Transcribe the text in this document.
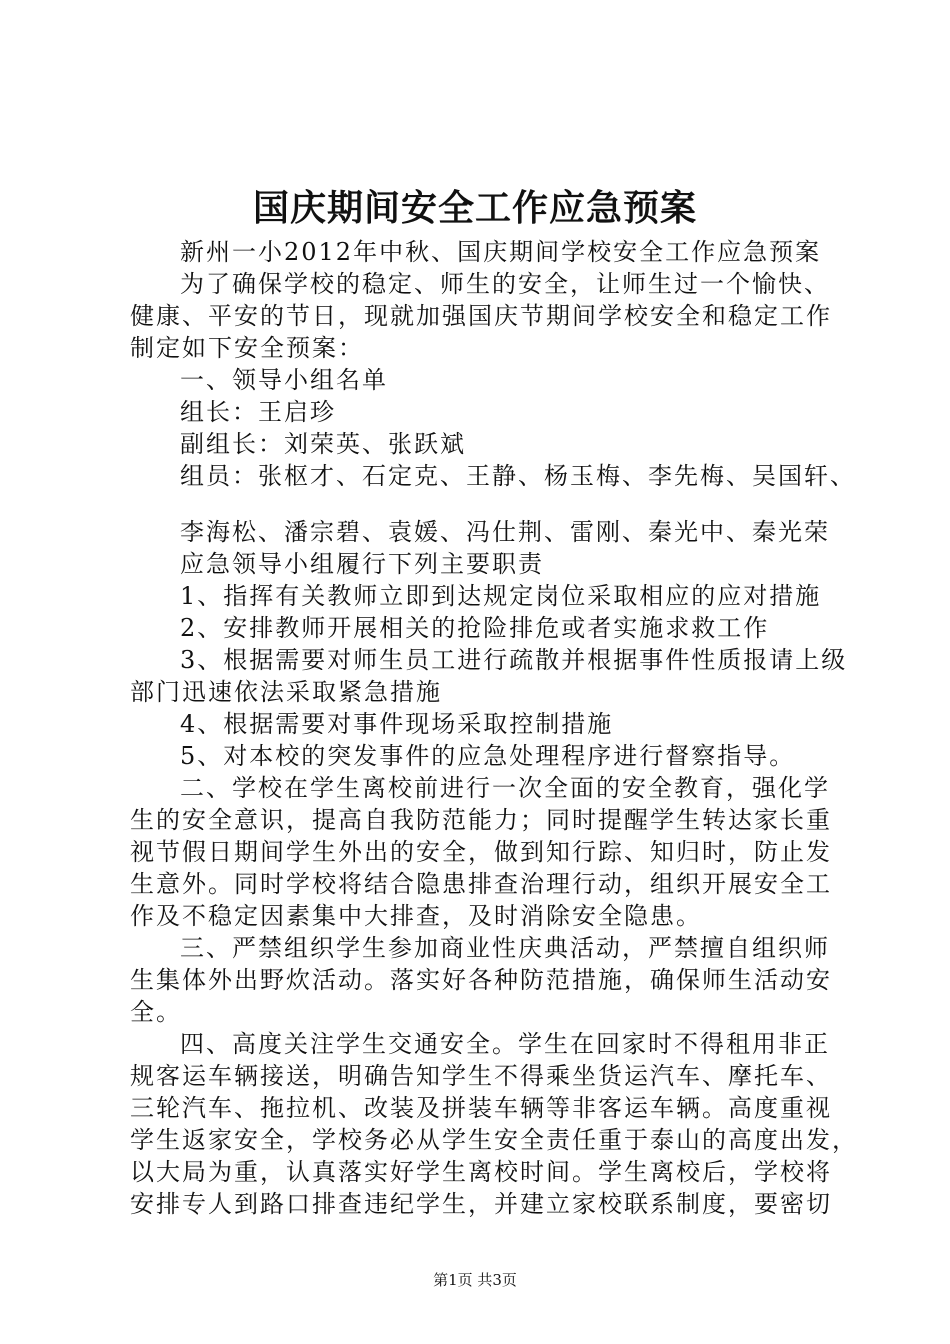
国庆期间安全工作应急预案
新州一小2012年中秋、国庆期间学校安全工作应急预案
为了确保学校的稳定、师生的安全，让师生过一个愉快、
健康、平安的节日，现就加强国庆节期间学校安全和稳定工作
制定如下安全预案：
一、领导小组名单
组长：王启珍
副组长：刘荣英、张跃斌
组员：张枢才、石定克、王静、杨玉梅、李先梅、吴国轩、
李海松、潘宗碧、袁媛、冯仕荆、雷刚、秦光中、秦光荣
应急领导小组履行下列主要职责
1、指挥有关教师立即到达规定岗位采取相应的应对措施
2、安排教师开展相关的抢险排危或者实施求救工作
3、根据需要对师生员工进行疏散并根据事件性质报请上级
部门迅速依法采取紧急措施
4、根据需要对事件现场采取控制措施
5、对本校的突发事件的应急处理程序进行督察指导。
二、学校在学生离校前进行一次全面的安全教育，强化学
生的安全意识，提高自我防范能力；同时提醒学生转达家长重
视节假日期间学生外出的安全，做到知行踪、知归时，防止发
生意外。同时学校将结合隐患排查治理行动，组织开展安全工
作及不稳定因素集中大排查，及时消除安全隐患。
三、严禁组织学生参加商业性庆典活动，严禁擅自组织师
生集体外出野炊活动。落实好各种防范措施，确保师生活动安
全。
四、高度关注学生交通安全。学生在回家时不得租用非正
规客运车辆接送，明确告知学生不得乘坐货运汽车、摩托车、
三轮汽车、拖拉机、改装及拼装车辆等非客运车辆。高度重视
学生返家安全，学校务必从学生安全责任重于泰山的高度出发，
以大局为重，认真落实好学生离校时间。学生离校后，学校将
安排专人到路口排查违纪学生，并建立家校联系制度，要密切
第1页 共3页
